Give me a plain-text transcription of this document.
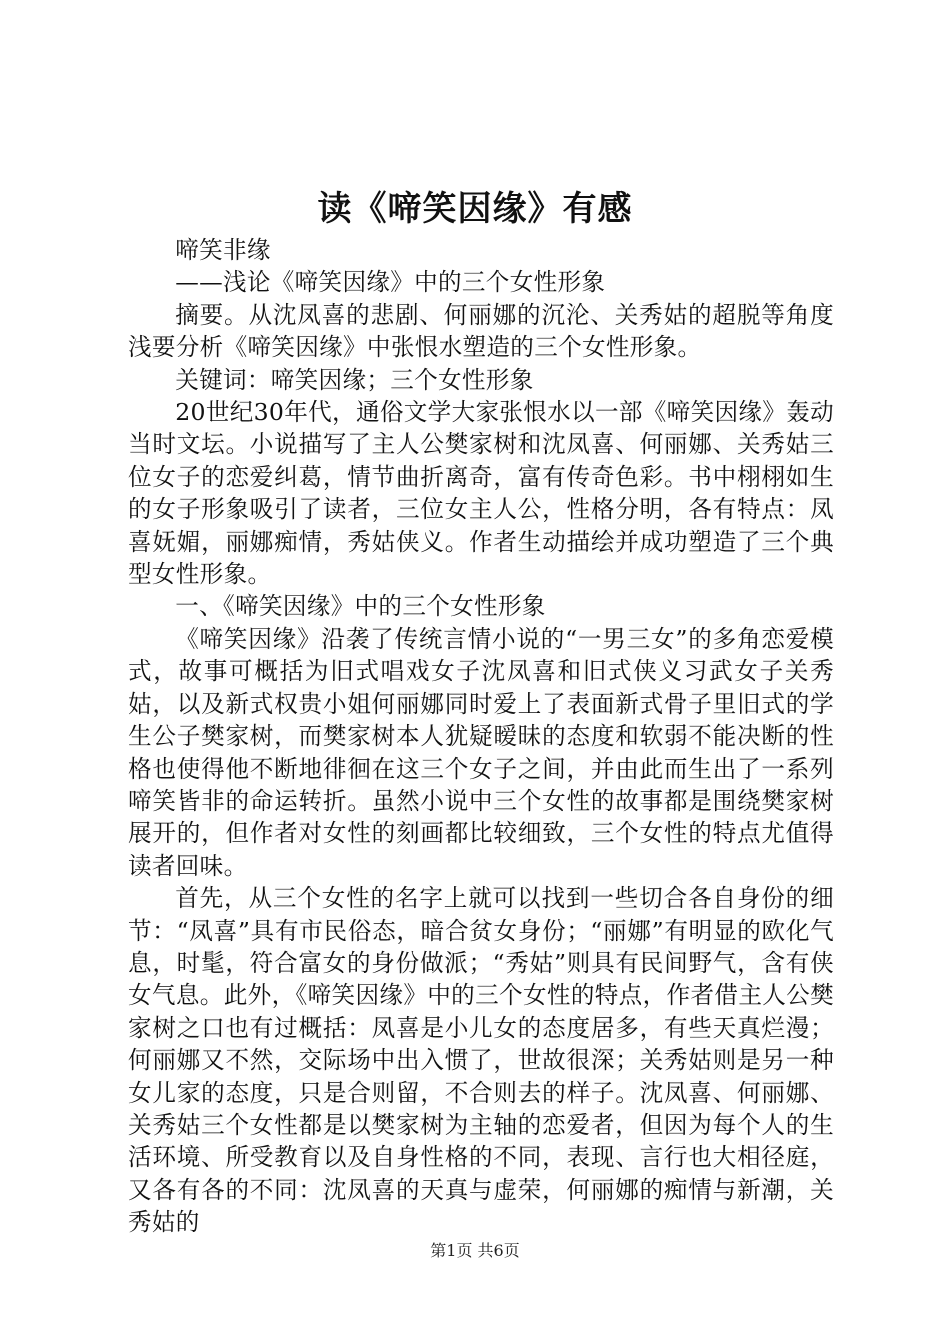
读《啼笑因缘》有感

啼笑非缘

——浅论《啼笑因缘》中的三个女性形象

摘要。从沈凤喜的悲剧、何丽娜的沉沦、关秀姑的超脱等角度浅要分析《啼笑因缘》中张恨水塑造的三个女性形象。

关键词：啼笑因缘；三个女性形象

20世纪30年代，通俗文学大家张恨水以一部《啼笑因缘》轰动当时文坛。小说描写了主人公樊家树和沈凤喜、何丽娜、关秀姑三位女子的恋爱纠葛，情节曲折离奇，富有传奇色彩。书中栩栩如生的女子形象吸引了读者，三位女主人公，性格分明，各有特点：凤喜妩媚，丽娜痴情，秀姑侠义。作者生动描绘并成功塑造了三个典型女性形象。

一、《啼笑因缘》中的三个女性形象

《啼笑因缘》沿袭了传统言情小说的“一男三女”的多角恋爱模式，故事可概括为旧式唱戏女子沈凤喜和旧式侠义习武女子关秀姑，以及新式权贵小姐何丽娜同时爱上了表面新式骨子里旧式的学生公子樊家树，而樊家树本人犹疑暧昧的态度和软弱不能决断的性格也使得他不断地徘徊在这三个女子之间，并由此而生出了一系列啼笑皆非的命运转折。虽然小说中三个女性的故事都是围绕樊家树展开的，但作者对女性的刻画都比较细致，三个女性的特点尤值得读者回味。

首先，从三个女性的名字上就可以找到一些切合各自身份的细节：“凤喜”具有市民俗态，暗合贫女身份；“丽娜”有明显的欧化气息，时髦，符合富女的身份做派；“秀姑”则具有民间野气，含有侠女气息。此外，《啼笑因缘》中的三个女性的特点，作者借主人公樊家树之口也有过概括：凤喜是小儿女的态度居多，有些天真烂漫；何丽娜又不然，交际场中出入惯了，世故很深；关秀姑则是另一种女儿家的态度，只是合则留，不合则去的样子。沈凤喜、何丽娜、关秀姑三个女性都是以樊家树为主轴的恋爱者，但因为每个人的生活环境、所受教育以及自身性格的不同，表现、言行也大相径庭，又各有各的不同：沈凤喜的天真与虚荣，何丽娜的痴情与新潮，关秀姑的

第1页 共6页
